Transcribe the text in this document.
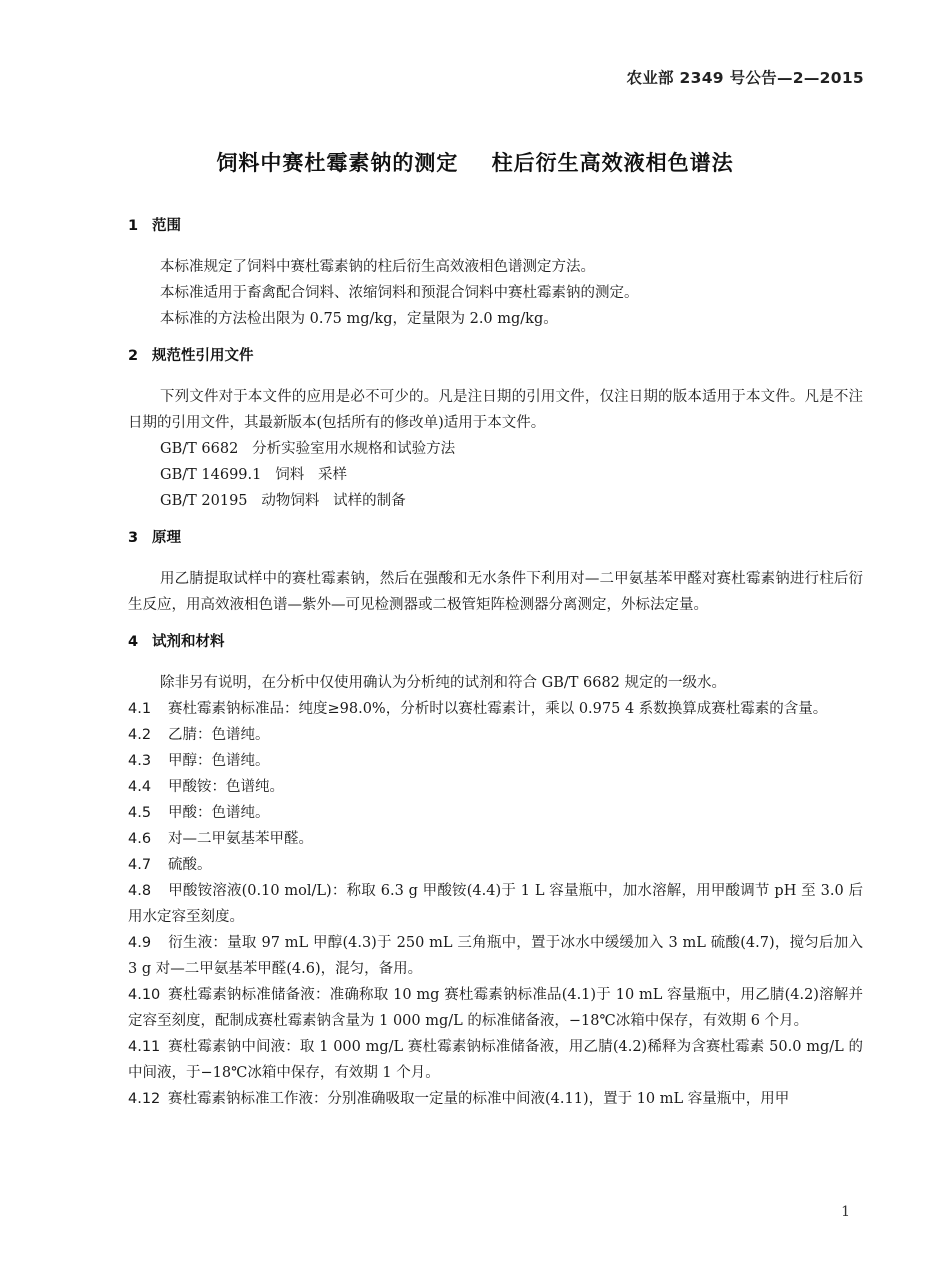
农业部 2349 号公告—2—2015
饲料中赛杜霉素钠的测定    柱后衍生高效液相色谱法
1 范围

本标准规定了饲料中赛杜霉素钠的柱后衍生高效液相色谱测定方法。

本标准适用于畜禽配合饲料、浓缩饲料和预混合饲料中赛杜霉素钠的测定。

本标准的方法检出限为 0.75 mg/kg，定量限为 2.0 mg/kg。

2 规范性引用文件

下列文件对于本文件的应用是必不可少的。凡是注日期的引用文件，仅注日期的版本适用于本文件。凡是不注日期的引用文件，其最新版本(包括所有的修改单)适用于本文件。

GB/T 6682   分析实验室用水规格和试验方法

GB/T 14699.1   饲料   采样

GB/T 20195   动物饲料   试样的制备

3 原理

用乙腈提取试样中的赛杜霉素钠，然后在强酸和无水条件下利用对—二甲氨基苯甲醛对赛杜霉素钠进行柱后衍生反应，用高效液相色谱—紫外—可见检测器或二极管矩阵检测器分离测定，外标法定量。

4 试剂和材料

除非另有说明，在分析中仅使用确认为分析纯的试剂和符合 GB/T 6682 规定的一级水。

4.1 赛杜霉素钠标准品：纯度≥98.0%，分析时以赛杜霉素计，乘以 0.975 4 系数换算成赛杜霉素的含量。

4.2 乙腈：色谱纯。

4.3 甲醇：色谱纯。

4.4 甲酸铵：色谱纯。

4.5 甲酸：色谱纯。

4.6 对—二甲氨基苯甲醛。

4.7 硫酸。

4.8 甲酸铵溶液(0.10 mol/L)：称取 6.3 g 甲酸铵(4.4)于 1 L 容量瓶中，加水溶解，用甲酸调节 pH 至 3.0 后用水定容至刻度。

4.9 衍生液：量取 97 mL 甲醇(4.3)于 250 mL 三角瓶中，置于冰水中缓缓加入 3 mL 硫酸(4.7)，搅匀后加入 3 g 对—二甲氨基苯甲醛(4.6)，混匀，备用。

4.10 赛杜霉素钠标准储备液：准确称取 10 mg 赛杜霉素钠标准品(4.1)于 10 mL 容量瓶中，用乙腈(4.2)溶解并定容至刻度，配制成赛杜霉素钠含量为 1 000 mg/L 的标准储备液，−18℃冰箱中保存，有效期 6 个月。

4.11 赛杜霉素钠中间液：取 1 000 mg/L 赛杜霉素钠标准储备液，用乙腈(4.2)稀释为含赛杜霉素 50.0 mg/L 的中间液，于−18℃冰箱中保存，有效期 1 个月。

4.12 赛杜霉素钠标准工作液：分别准确吸取一定量的标准中间液(4.11)，置于 10 mL 容量瓶中，用甲

1
